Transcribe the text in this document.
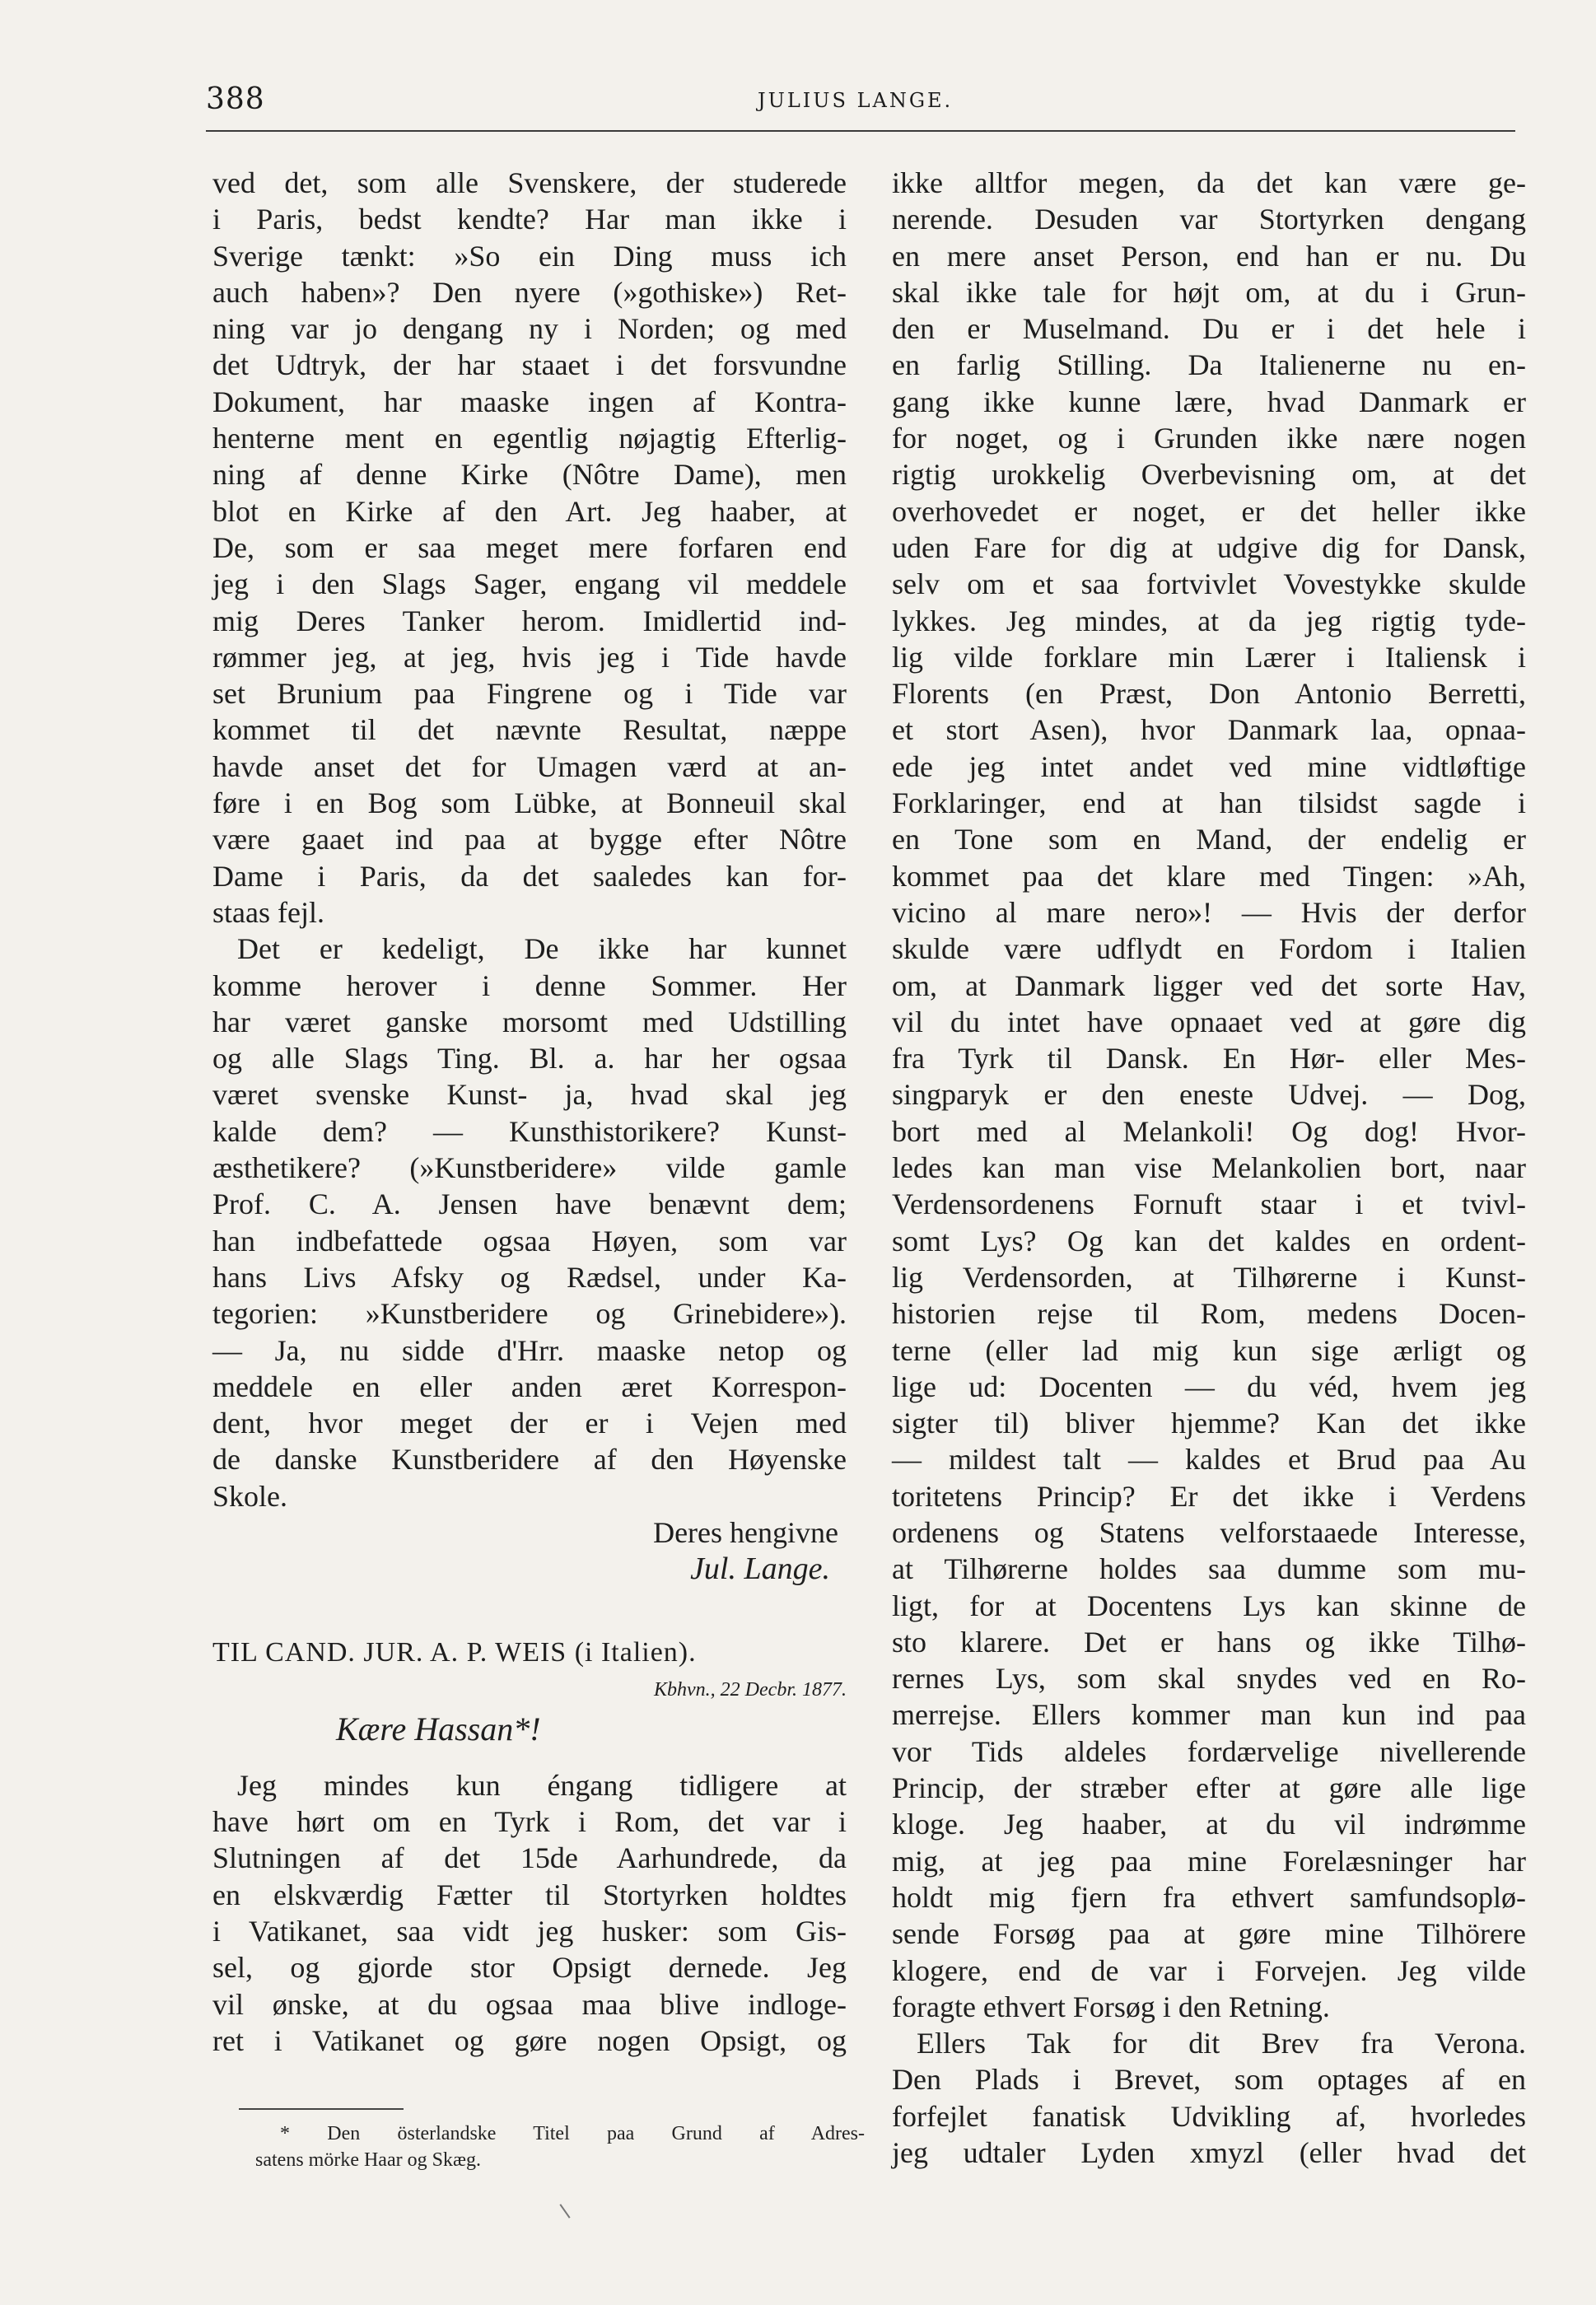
388	JULIUS LANGE.
ved det, som alle Svenskere, der studerede
i Paris, bedst kendte? Har man ikke i
Sverige tænkt: »So ein Ding muss ich
auch haben»? Den nyere (»gothiske») Ret-
ning var jo dengang ny i Norden; og med
det Udtryk, der har staaet i det forsvundne
Dokument, har maaske ingen af Kontra-
henterne ment en egentlig nøjagtig Efterlig-
ning af denne Kirke (Nôtre Dame), men
blot en Kirke af den Art. Jeg haaber, at
De, som er saa meget mere forfaren end
jeg i den Slags Sager, engang vil meddele
mig Deres Tanker herom. Imidlertid ind-
rømmer jeg, at jeg, hvis jeg i Tide havde
set Brunium paa Fingrene og i Tide var
kommet til det nævnte Resultat, næppe
havde anset det for Umagen værd at an-
føre i en Bog som Lübke, at Bonneuil skal
være gaaet ind paa at bygge efter Nôtre
Dame i Paris, da det saaledes kan for-
staas fejl.
Det er kedeligt, De ikke har kunnet
komme herover i denne Sommer. Her
har været ganske morsomt med Udstilling
og alle Slags Ting. Bl. a. har her ogsaa
været svenske Kunst- ja, hvad skal jeg
kalde dem? — Kunsthistorikere? Kunst-
æsthetikere? (»Kunstberidere» vilde gamle
Prof. C. A. Jensen have benævnt dem;
han indbefattede ogsaa Høyen, som var
hans Livs Afsky og Rædsel, under Ka-
tegorien: »Kunstberidere og Grinebidere»).
— Ja, nu sidde d'Hrr. maaske netop og
meddele en eller anden æret Korrespon-
dent, hvor meget der er i Vejen med
de danske Kunstberidere af den Høyenske
Skole.
Deres hengivne
Jul. Lange.
TIL CAND. JUR. A. P. WEIS (i Italien).
Kbhvn., 22 Decbr. 1877.
Kære Hassan*!
Jeg mindes kun éngang tidligere at
have hørt om en Tyrk i Rom, det var i
Slutningen af det 15de Aarhundrede, da
en elskværdig Fætter til Stortyrken holdtes
i Vatikanet, saa vidt jeg husker: som Gis-
sel, og gjorde stor Opsigt dernede. Jeg
vil ønske, at du ogsaa maa blive indloge-
ret i Vatikanet og gøre nogen Opsigt, og
ikke alltfor megen, da det kan være ge-
nerende. Desuden var Stortyrken dengang
en mere anset Person, end han er nu. Du
skal ikke tale for højt om, at du i Grun-
den er Muselmand. Du er i det hele i
en farlig Stilling. Da Italienerne nu en-
gang ikke kunne lære, hvad Danmark er
for noget, og i Grunden ikke nære nogen
rigtig urokkelig Overbevisning om, at det
overhovedet er noget, er det heller ikke
uden Fare for dig at udgive dig for Dansk,
selv om et saa fortvivlet Vovestykke skulde
lykkes. Jeg mindes, at da jeg rigtig tyde-
lig vilde forklare min Lærer i Italiensk i
Florents (en Præst, Don Antonio Berretti,
et stort Asen), hvor Danmark laa, opnaa-
ede jeg intet andet ved mine vidtløftige
Forklaringer, end at han tilsidst sagde i
en Tone som en Mand, der endelig er
kommet paa det klare med Tingen: »Ah,
vicino al mare nero»! — Hvis der derfor
skulde være udflydt en Fordom i Italien
om, at Danmark ligger ved det sorte Hav,
vil du intet have opnaaet ved at gøre dig
fra Tyrk til Dansk. En Hør- eller Mes-
singparyk er den eneste Udvej. — Dog,
bort med al Melankoli! Og dog! Hvor-
ledes kan man vise Melankolien bort, naar
Verdensordenens Fornuft staar i et tvivl-
somt Lys? Og kan det kaldes en ordent-
lig Verdensorden, at Tilhørerne i Kunst-
historien rejse til Rom, medens Docen-
terne (eller lad mig kun sige ærligt og
lige ud: Docenten — du véd, hvem jeg
sigter til) bliver hjemme? Kan det ikke
— mildest talt — kaldes et Brud paa Au
toritetens Princip? Er det ikke i Verdens
ordenens og Statens velforstaaede Interesse,
at Tilhørerne holdes saa dumme som mu-
ligt, for at Docentens Lys kan skinne de
sto klarere. Det er hans og ikke Tilhø-
rernes Lys, som skal snydes ved en Ro-
merrejse. Ellers kommer man kun ind paa
vor Tids aldeles fordærvelige nivellerende
Princip, der stræber efter at gøre alle lige
kloge. Jeg haaber, at du vil indrømme
mig, at jeg paa mine Forelæsninger har
holdt mig fjern fra ethvert samfundsoplø-
sende Forsøg paa at gøre mine Tilhörere
klogere, end de var i Forvejen. Jeg vilde
foragte ethvert Forsøg i den Retning.
Ellers Tak for dit Brev fra Verona.
Den Plads i Brevet, som optages af en
forfejlet fanatisk Udvikling af, hvorledes
jeg udtaler Lyden xmyzl (eller hvad det
* Den österlandske Titel paa Grund af Adres-
satens mörke Haar og Skæg.
